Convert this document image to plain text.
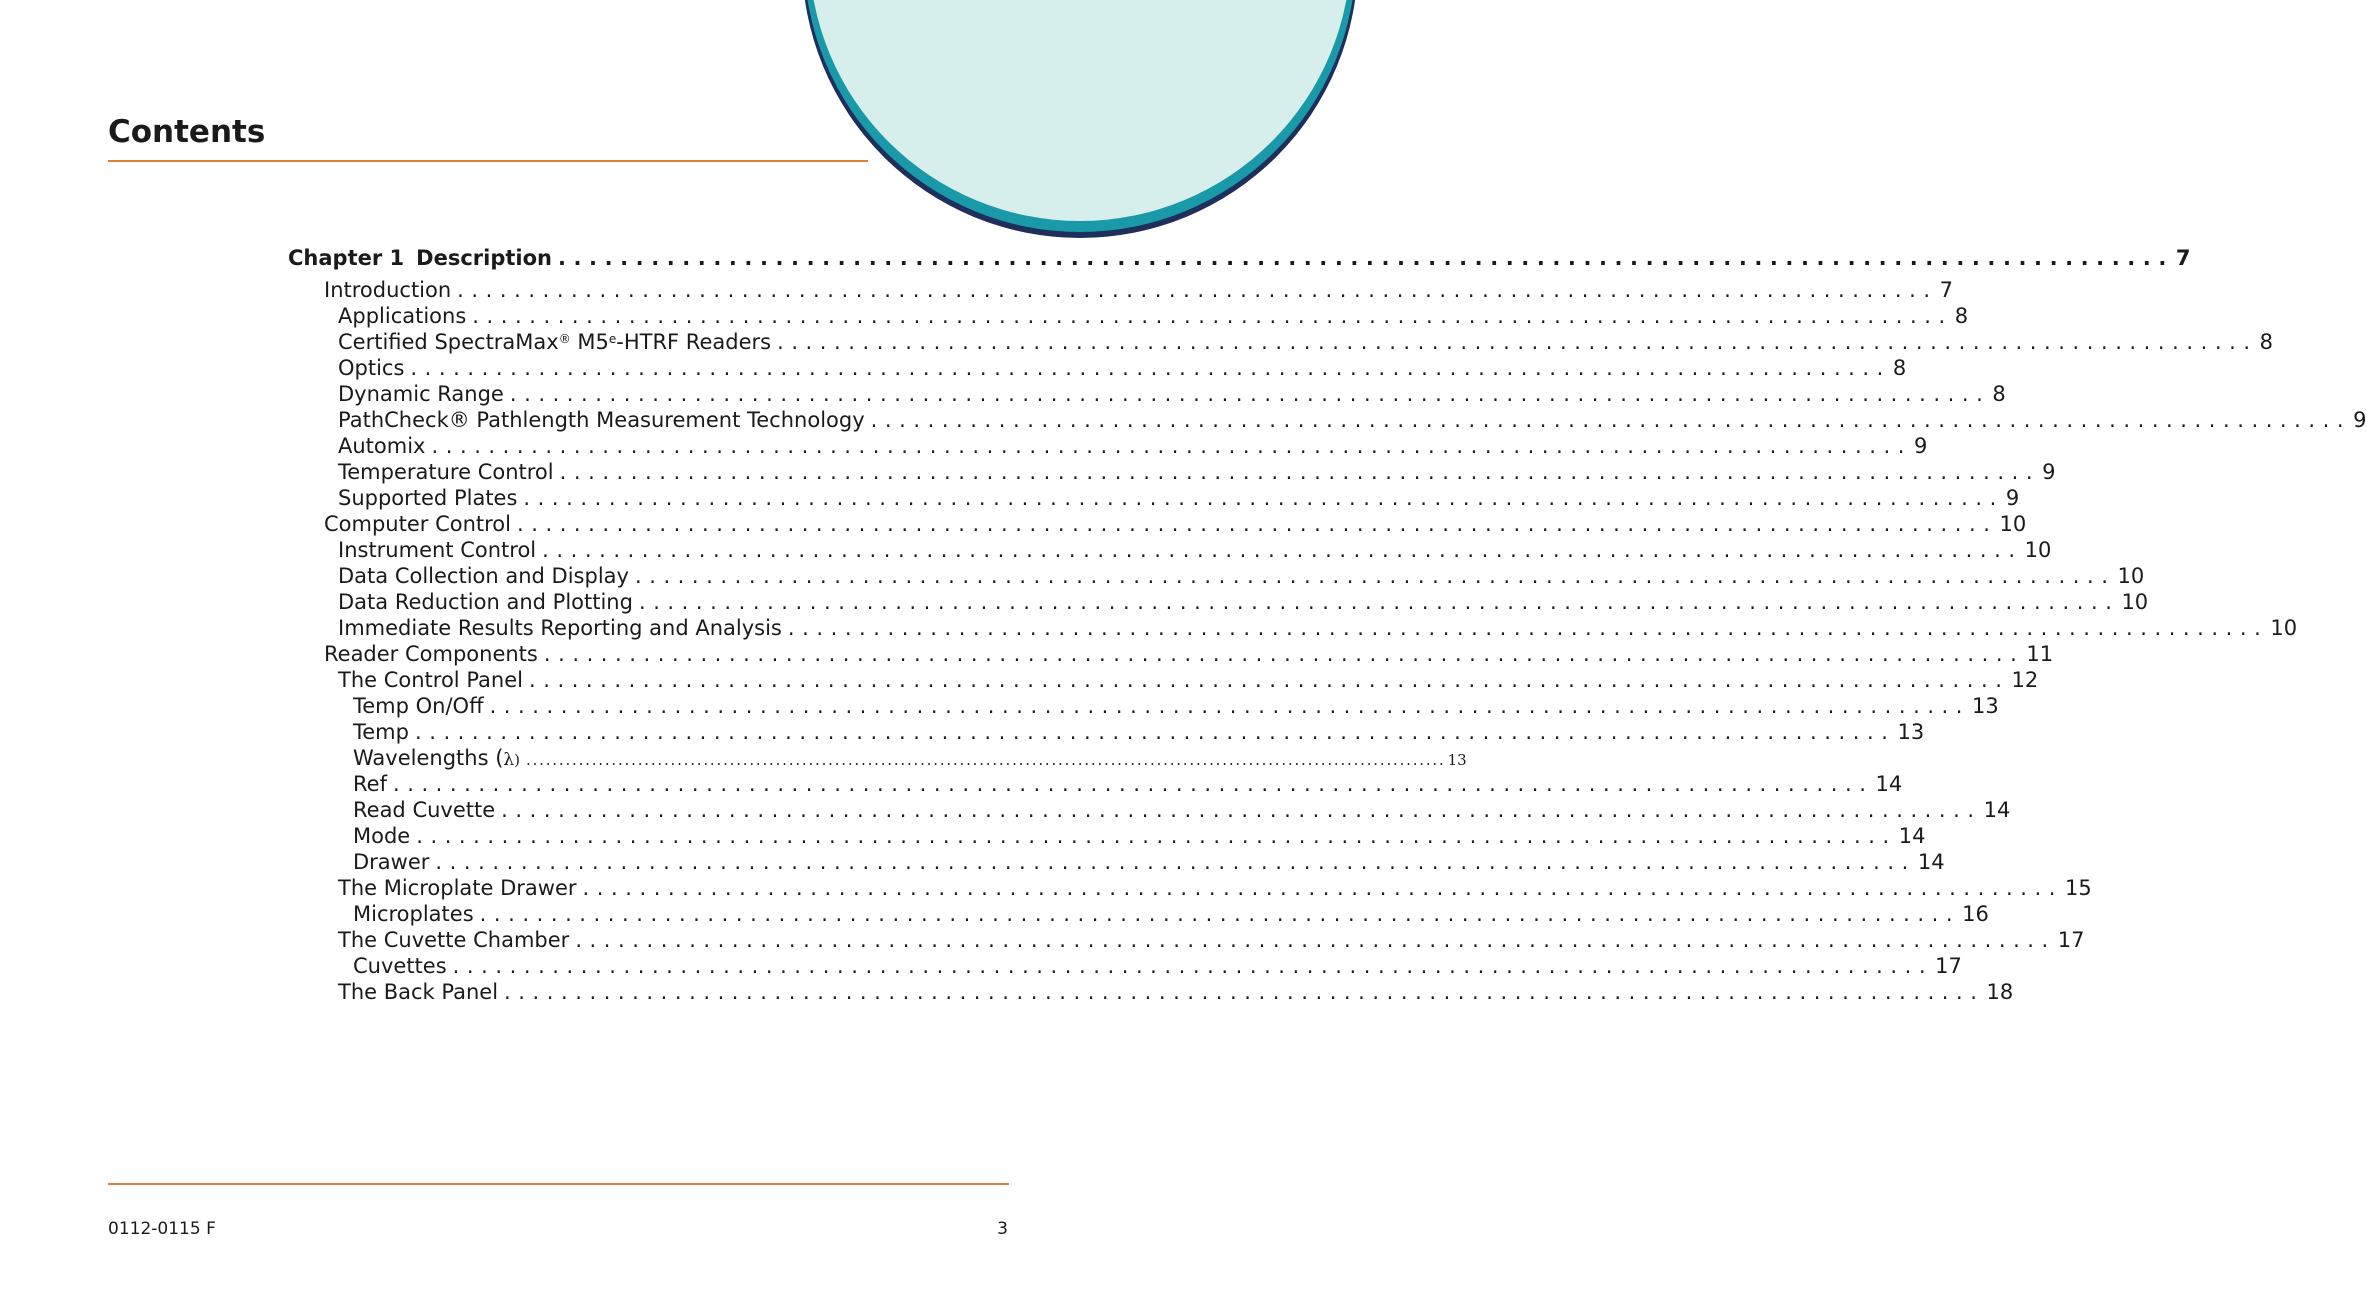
Contents
Chapter 1 Description ........................................................................................................ 7
Introduction ........................................................................................................ 7
Applications ........................................................................................................ 8
Certified SpectraMax® M5e-HTRF Readers ........................................................................................................ 8
Optics ........................................................................................................ 8
Dynamic Range ........................................................................................................ 8
PathCheck® Pathlength Measurement Technology ........................................................................................................ 9
Automix ........................................................................................................ 9
Temperature Control ........................................................................................................ 9
Supported Plates ........................................................................................................ 9
Computer Control ........................................................................................................ 10
Instrument Control ........................................................................................................ 10
Data Collection and Display ........................................................................................................ 10
Data Reduction and Plotting ........................................................................................................ 10
Immediate Results Reporting and Analysis ........................................................................................................ 10
Reader Components ........................................................................................................ 11
The Control Panel ........................................................................................................ 12
Temp On/Off ........................................................................................................ 13
Temp ........................................................................................................ 13
Wavelengths (λ) ............................................................................................................................................ 13
Ref ........................................................................................................ 14
Read Cuvette ........................................................................................................ 14
Mode ........................................................................................................ 14
Drawer ........................................................................................................ 14
The Microplate Drawer ........................................................................................................ 15
Microplates ........................................................................................................ 16
The Cuvette Chamber ........................................................................................................ 17
Cuvettes ........................................................................................................ 17
The Back Panel ........................................................................................................ 18
0112-0115 F	3
